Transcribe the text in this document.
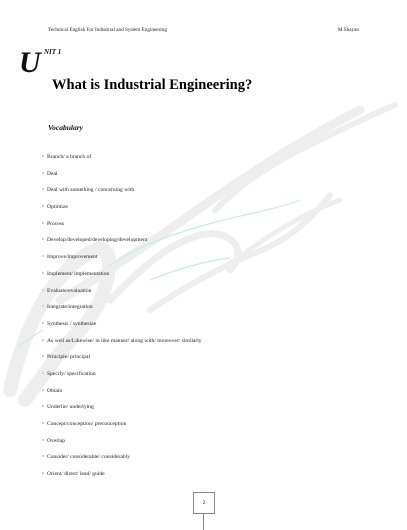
Technical English For Industrial and System Engineering	M.Shayan
U NIT 1
What is Industrial Engineering?
Vocabulary
Branch/ a branch of
Deal
Deal with something / concerning with
Optimize
Process
Develop/developed/developing/development
Improve/improvement
Implement/ implementation
Evaluate/evaluation
Integrate/integration
Synthesis / synthesize
As well as/Likewise/ in like manner/ along with/ moreover/ similarly
Principle/ principal
Specify/ specification
Obtain
Underlie/ underlying
Concept/conception/ preconception
Overlap
Consider/ considerable/ considerably
Orient/ direct/ lead/ guide
2
